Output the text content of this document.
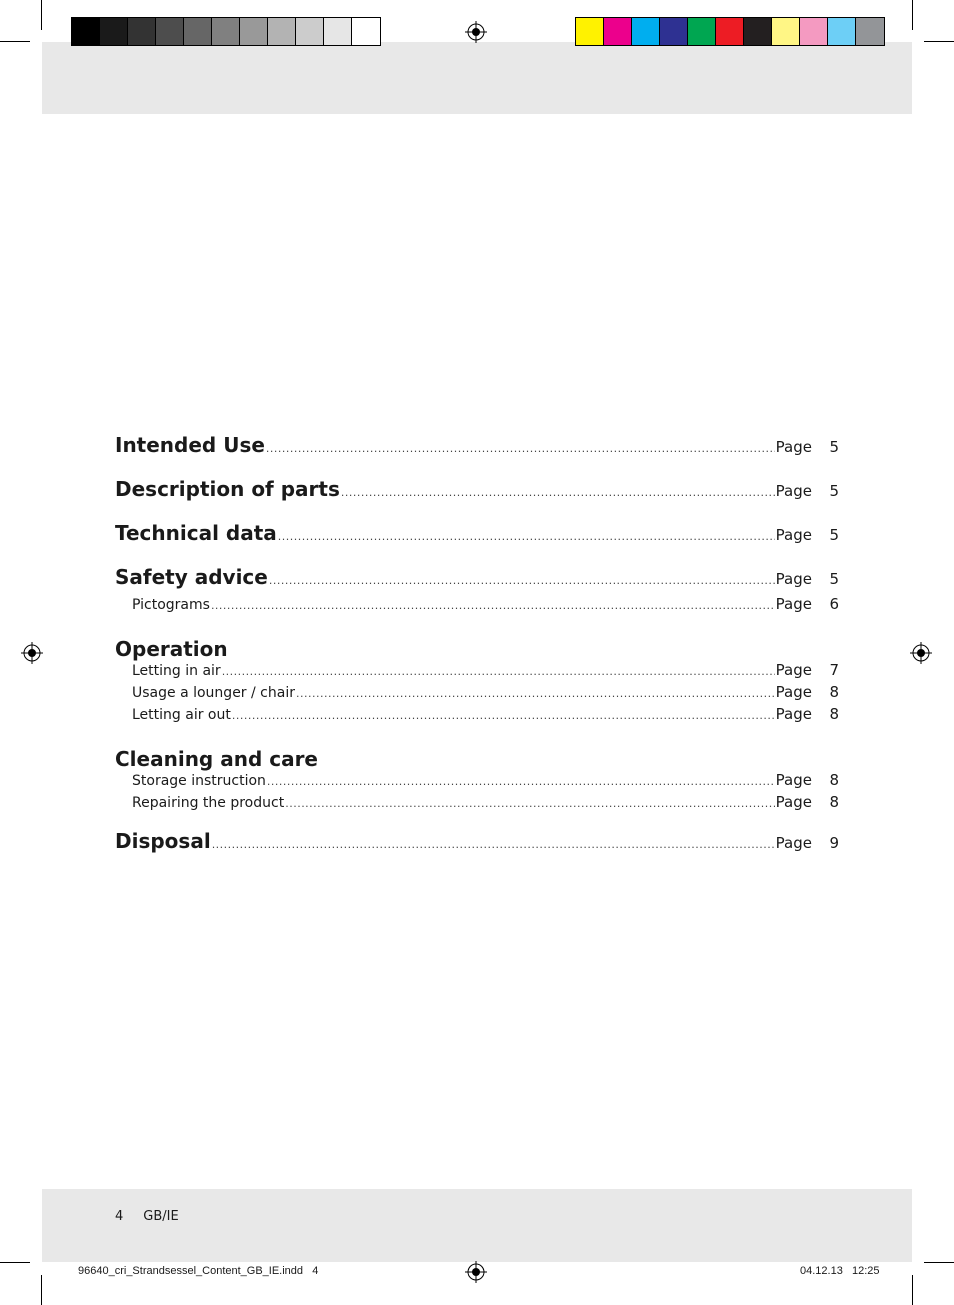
Intended Use .....	Page	5
Description of parts .....	Page	5
Technical data .....	Page	5
Safety advice .....	Page	5
Pictograms .....	Page	6
Operation
Letting in air .....	Page	7
Usage a lounger / chair .....	Page	8
Letting air out .....	Page	8
Cleaning and care
Storage instruction .....	Page	8
Repairing the product .....	Page	8
Disposal .....	Page	9
4 GB/IE
96640_cri_Strandsessel_Content_GB_IE.indd   4	04.12.13   12:25
